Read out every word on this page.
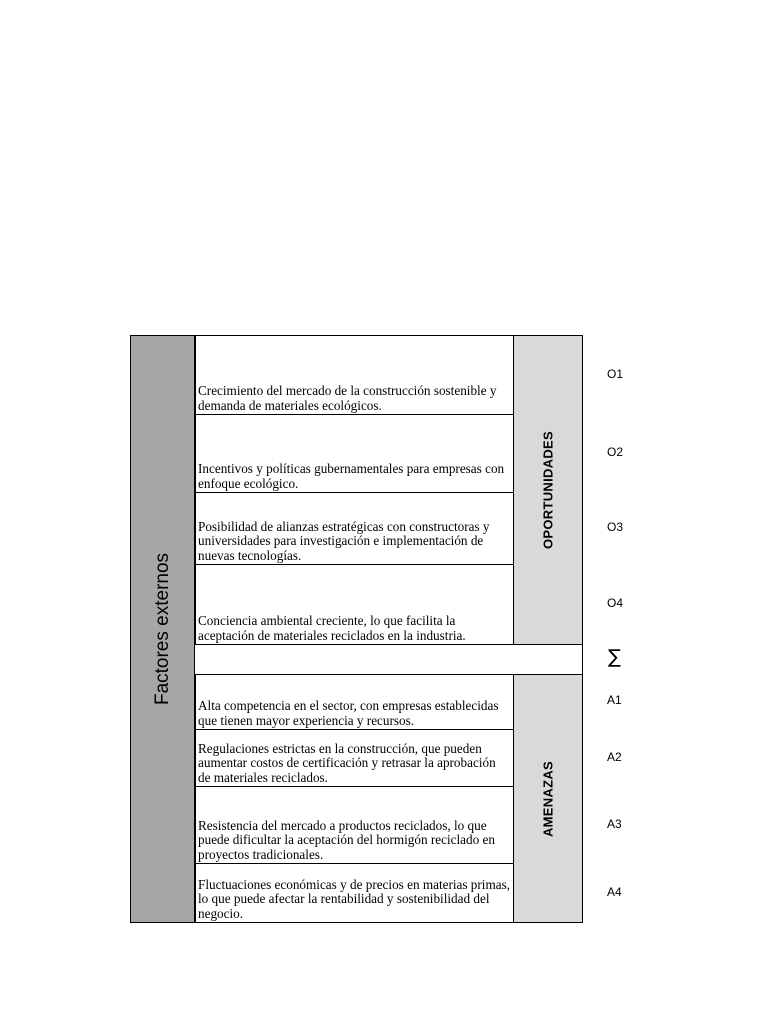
Factores externos
Crecimiento del mercado de la construcción sostenible y demanda de materiales ecológicos.
Incentivos y políticas gubernamentales para empresas con enfoque ecológico.
Posibilidad de alianzas estratégicas con constructoras y universidades para investigación e implementación de nuevas tecnologías.
Conciencia ambiental creciente, lo que facilita la aceptación de materiales reciclados en la industria.
OPORTUNIDADES
Alta competencia en el sector, con empresas establecidas que tienen mayor experiencia y recursos.
Regulaciones estrictas en la construcción, que pueden aumentar costos de certificación y retrasar la aprobación de materiales reciclados.
Resistencia del mercado a productos reciclados, lo que puede dificultar la aceptación del hormigón reciclado en proyectos tradicionales.
Fluctuaciones económicas y de precios en materias primas, lo que puede afectar la rentabilidad y sostenibilidad del negocio.
AMENAZAS
O1
O2
O3
O4
∑
A1
A2
A3
A4
